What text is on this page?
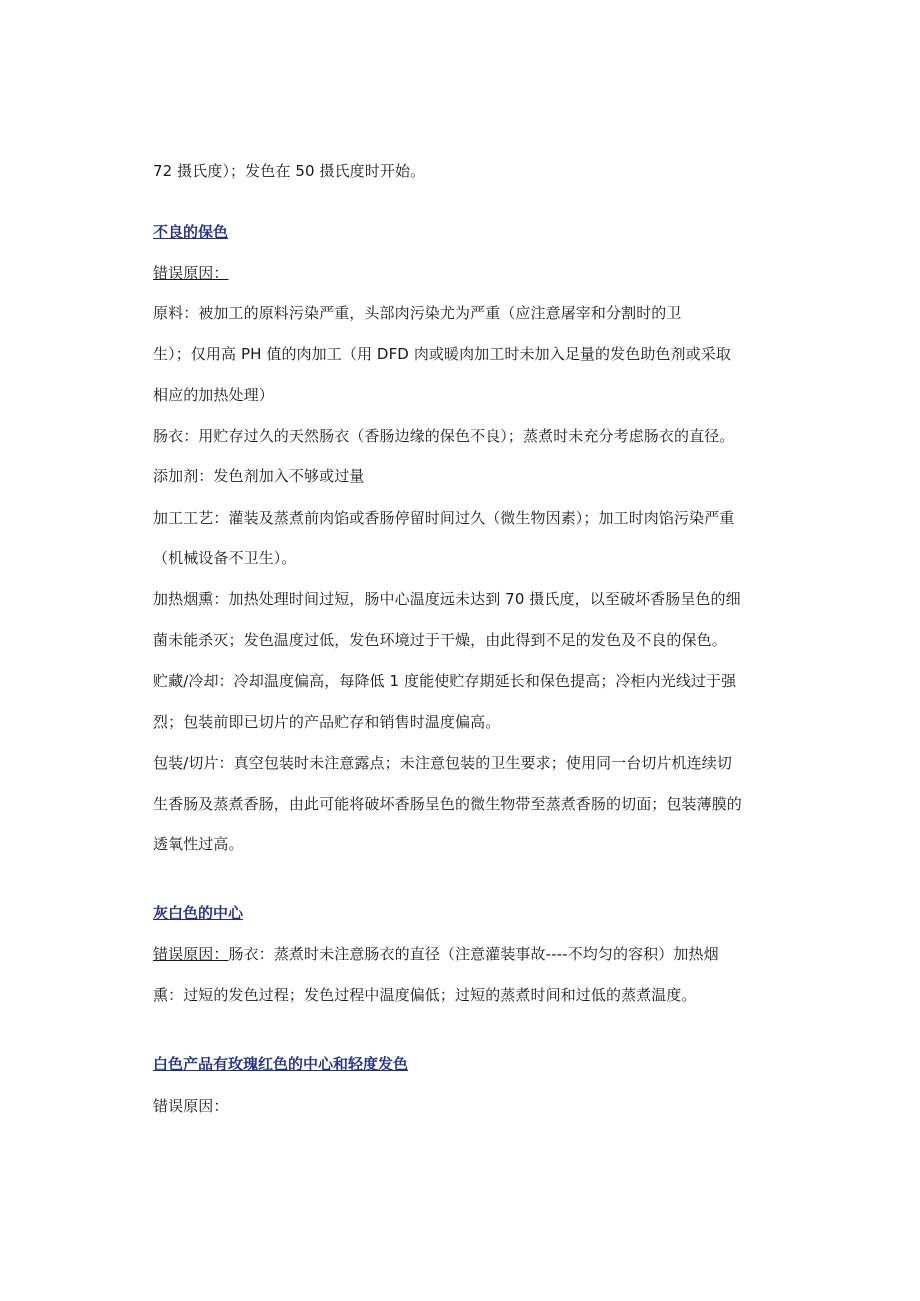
72 摄氏度）；发色在 50 摄氏度时开始。
不良的保色
错误原因：
原料：被加工的原料污染严重，头部肉污染尤为严重（应注意屠宰和分割时的卫
生）；仅用高 PH 值的肉加工（用 DFD 肉或暖肉加工时未加入足量的发色助色剂或采取
相应的加热处理）
肠衣：用贮存过久的天然肠衣（香肠边缘的保色不良）；蒸煮时未充分考虑肠衣的直径。
添加剂：发色剂加入不够或过量
加工工艺：灌装及蒸煮前肉馅或香肠停留时间过久（微生物因素）；加工时肉馅污染严重
（机械设备不卫生）。
加热烟熏：加热处理时间过短，肠中心温度远未达到 70 摄氏度，以至破坏香肠呈色的细
菌未能杀灭；发色温度过低，发色环境过于干燥，由此得到不足的发色及不良的保色。
贮藏/冷却：冷却温度偏高，每降低 1 度能使贮存期延长和保色提高；冷柜内光线过于强
烈；包装前即已切片的产品贮存和销售时温度偏高。
包装/切片：真空包装时未注意露点；未注意包装的卫生要求；使用同一台切片机连续切
生香肠及蒸煮香肠，由此可能将破坏香肠呈色的微生物带至蒸煮香肠的切面；包装薄膜的
透氧性过高。
灰白色的中心
错误原因：肠衣：蒸煮时未注意肠衣的直径（注意灌装事故----不均匀的容积）加热烟
熏：过短的发色过程；发色过程中温度偏低；过短的蒸煮时间和过低的蒸煮温度。
白色产品有玫瑰红色的中心和轻度发色
错误原因：
